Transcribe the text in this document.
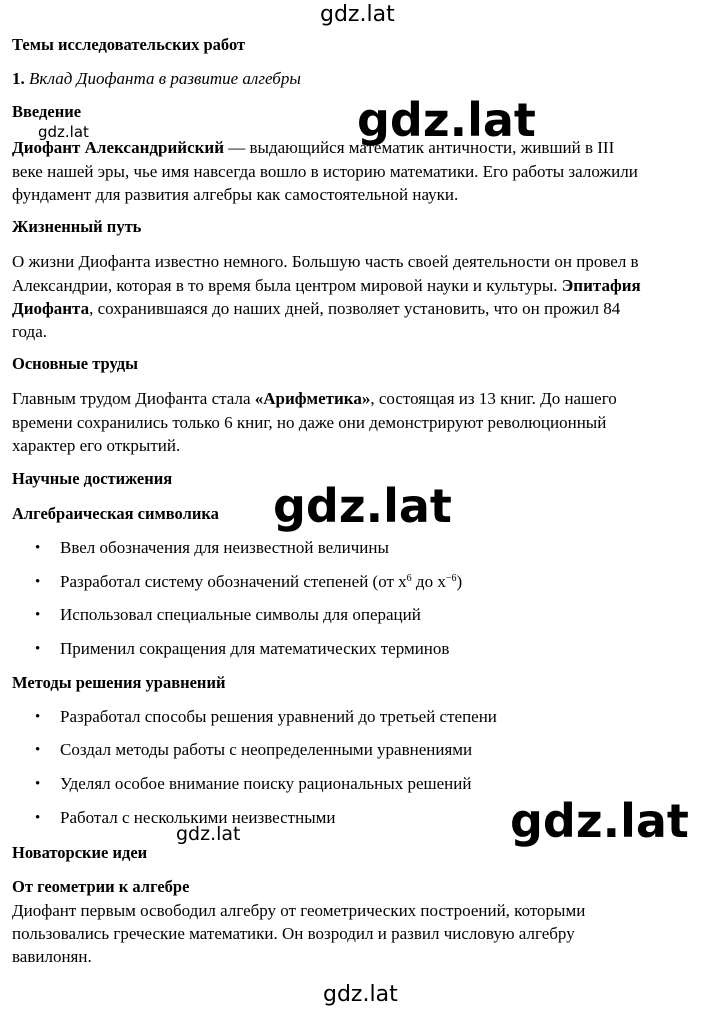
gdz.lat
gdz.lat
gdz.lat
gdz.lat
gdz.lat
gdz.lat
gdz.lat
Темы исследовательских работ
1. Вклад Диофанта в развитие алгебры
Введение
Диофант Александрийский — выдающийся математик античности, живший в III
веке нашей эры, чье имя навсегда вошло в историю математики. Его работы заложили
фундамент для развития алгебры как самостоятельной науки.
Жизненный путь
О жизни Диофанта известно немного. Большую часть своей деятельности он провел в
Александрии, которая в то время была центром мировой науки и культуры. Эпитафия
Диофанта, сохранившаяся до наших дней, позволяет установить, что он прожил 84
года.
Основные труды
Главным трудом Диофанта стала «Арифметика», состоящая из 13 книг. До нашего
времени сохранились только 6 книг, но даже они демонстрируют революционный
характер его открытий.
Научные достижения
Алгебраическая символика
• Ввел обозначения для неизвестной величины
• Разработал систему обозначений степеней (от $x^6$ до $x^{-6}$)
• Использовал специальные символы для операций
• Применил сокращения для математических терминов
Методы решения уравнений
• Разработал способы решения уравнений до третьей степени
• Создал методы работы с неопределенными уравнениями
• Уделял особое внимание поиску рациональных решений
• Работал с несколькими неизвестными
Новаторские идеи
От геометрии к алгебре
Диофант первым освободил алгебру от геометрических построений, которыми
пользовались греческие математики. Он возродил и развил числовую алгебру
вавилонян.
